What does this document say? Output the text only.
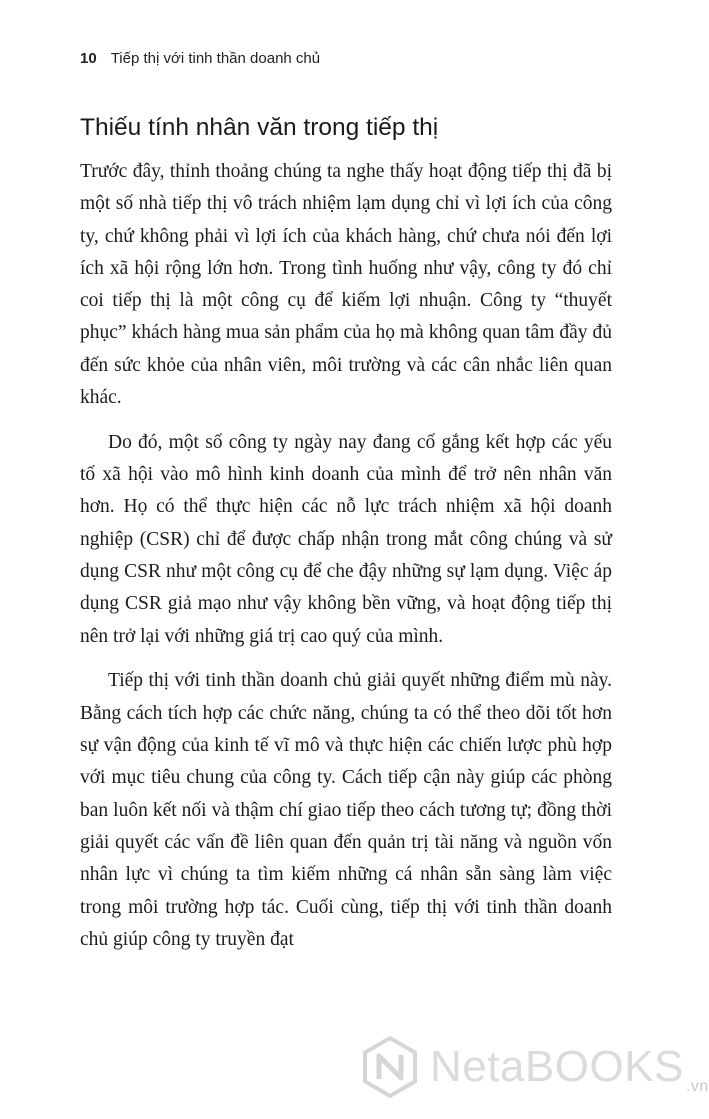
10 Tiếp thị với tinh thần doanh chủ
Thiếu tính nhân văn trong tiếp thị

Trước đây, thỉnh thoảng chúng ta nghe thấy hoạt động tiếp thị đã bị một số nhà tiếp thị vô trách nhiệm lạm dụng chỉ vì lợi ích của công ty, chứ không phải vì lợi ích của khách hàng, chứ chưa nói đến lợi ích xã hội rộng lớn hơn. Trong tình huống như vậy, công ty đó chỉ coi tiếp thị là một công cụ để kiếm lợi nhuận. Công ty “thuyết phục” khách hàng mua sản phẩm của họ mà không quan tâm đầy đủ đến sức khỏe của nhân viên, môi trường và các cân nhắc liên quan khác.

Do đó, một số công ty ngày nay đang cố gắng kết hợp các yếu tố xã hội vào mô hình kinh doanh của mình để trở nên nhân văn hơn. Họ có thể thực hiện các nỗ lực trách nhiệm xã hội doanh nghiệp (CSR) chỉ để được chấp nhận trong mắt công chúng và sử dụng CSR như một công cụ để che đậy những sự lạm dụng. Việc áp dụng CSR giả mạo như vậy không bền vững, và hoạt động tiếp thị nên trở lại với những giá trị cao quý của mình.

Tiếp thị với tinh thần doanh chủ giải quyết những điểm mù này. Bằng cách tích hợp các chức năng, chúng ta có thể theo dõi tốt hơn sự vận động của kinh tế vĩ mô và thực hiện các chiến lược phù hợp với mục tiêu chung của công ty. Cách tiếp cận này giúp các phòng ban luôn kết nối và thậm chí giao tiếp theo cách tương tự; đồng thời giải quyết các vấn đề liên quan đến quản trị tài năng và nguồn vốn nhân lực vì chúng ta tìm kiếm những cá nhân sẵn sàng làm việc trong môi trường hợp tác. Cuối cùng, tiếp thị với tinh thần doanh chủ giúp công ty truyền đạt

NetaBOOKS $_{.vn}$
